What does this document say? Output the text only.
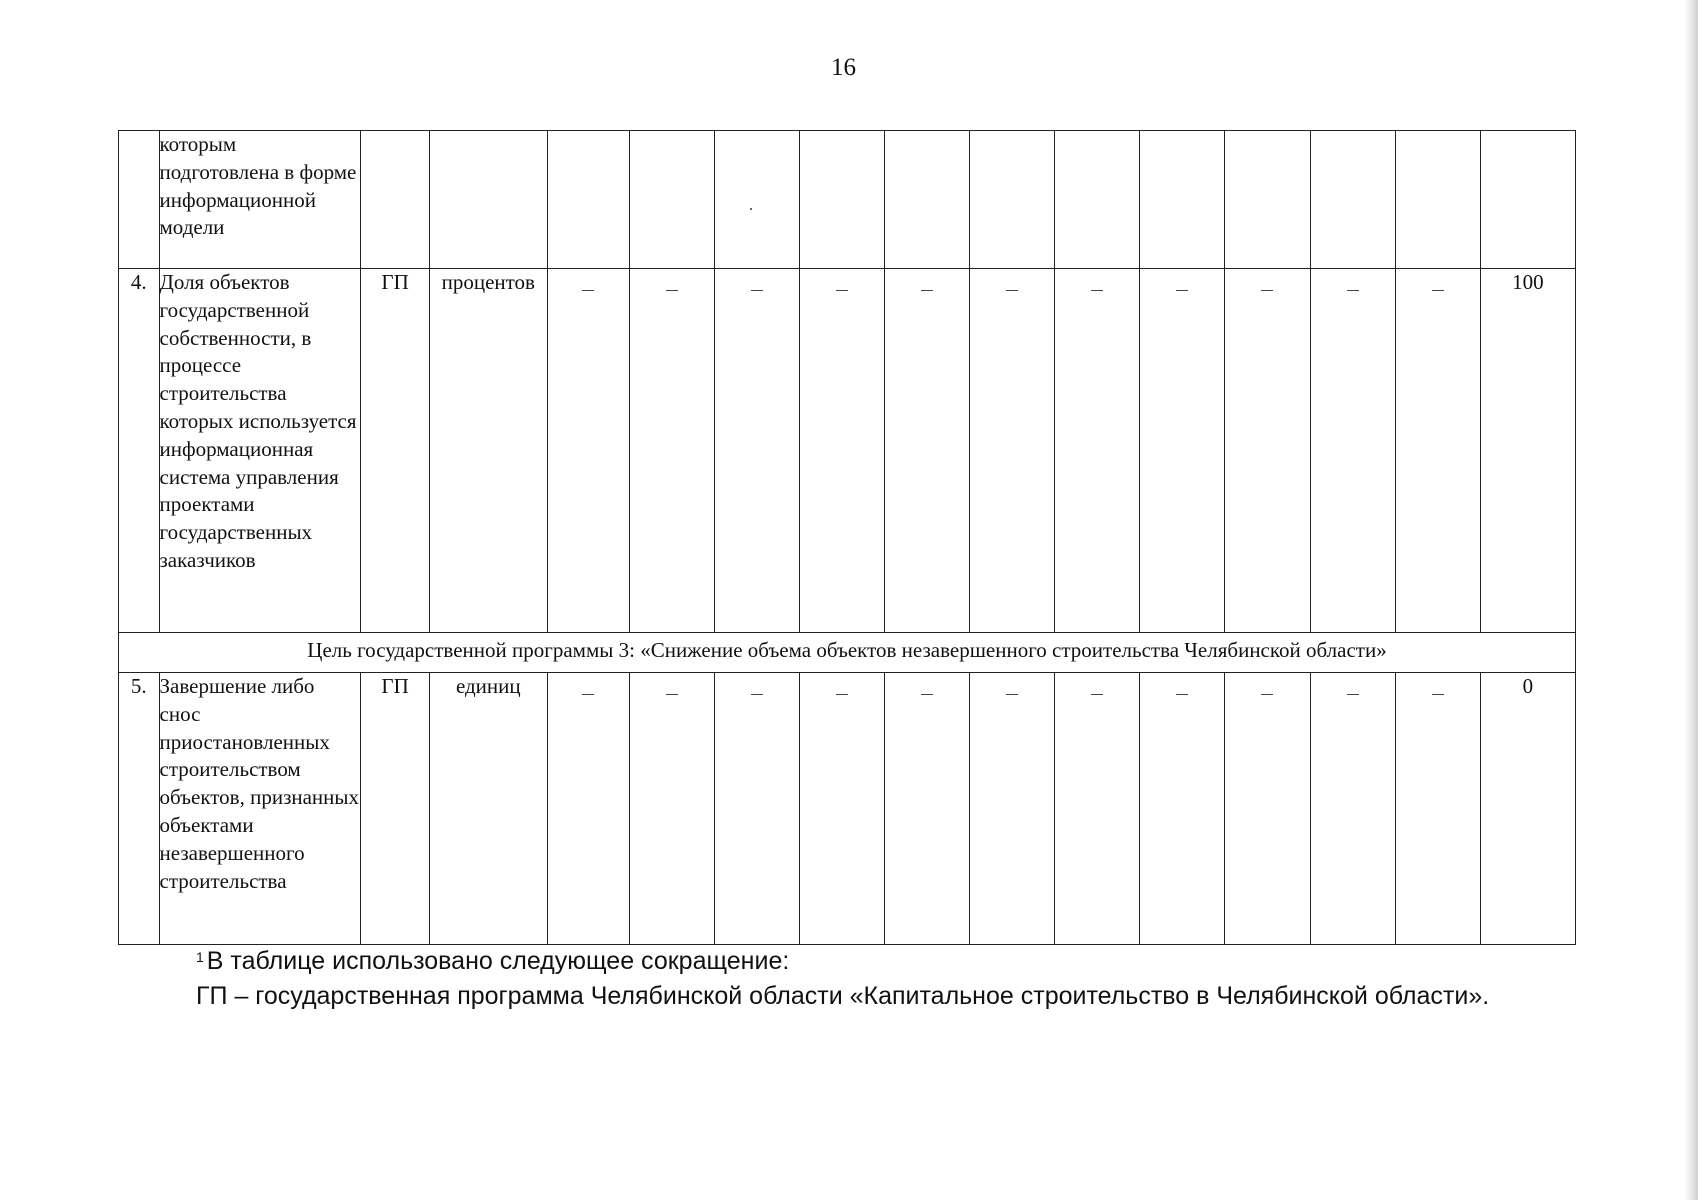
16
	которым подготовлена в форме информационной модели														
4.	Доля объектов государственной собственности, в процессе строительства которых используется информационная система управления проектами государственных заказчиков	ГП	процентов												100
Цель государственной программы 3: «Снижение объема объектов незавершенного строительства Челябинской области»															
5.	Завершение либо снос приостановленных строительством объектов, признанных объектами незавершенного строительства	ГП	единиц												0
$^1$ В таблице использовано следующее сокращение:
ГП – государственная программа Челябинской области «Капитальное строительство в Челябинской области».
